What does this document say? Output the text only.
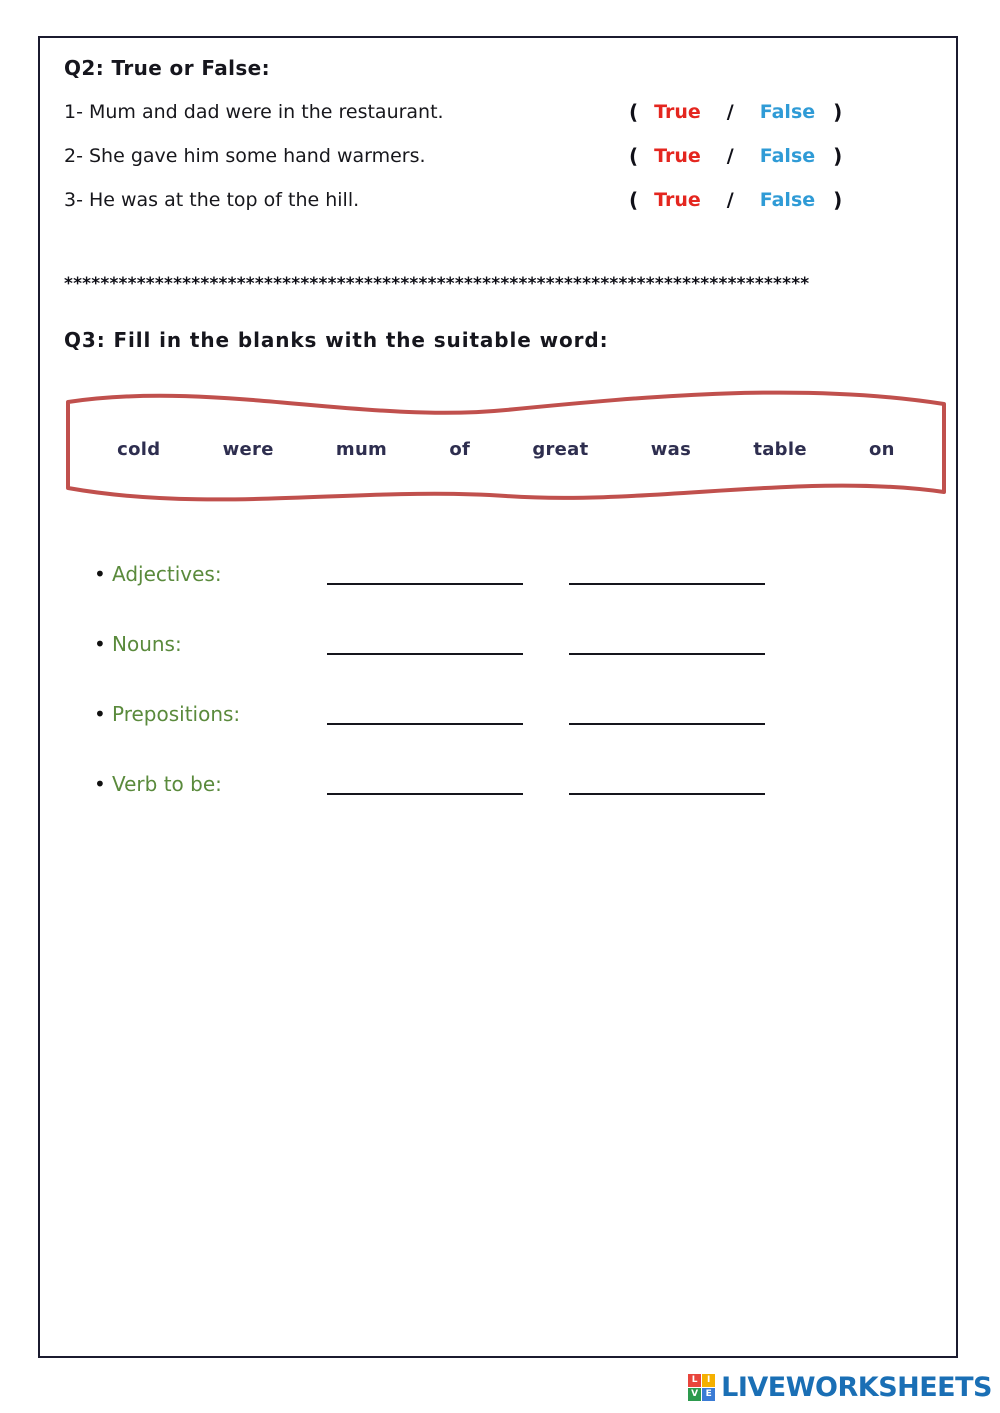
Q2: True or False:
1- Mum and dad were in the restaurant.	( True / False )
2- She gave him some hand warmers.	( True / False )
3- He was at the top of the hill.	( True / False )
**********************************************************************************
Q3: Fill in the blanks with the suitable word:
cold	were	mum	of	great	was	table	on
• Adjectives:
• Nouns:
• Prepositions:
• Verb to be:
L	I
V E LIVEWORKSHEETS
